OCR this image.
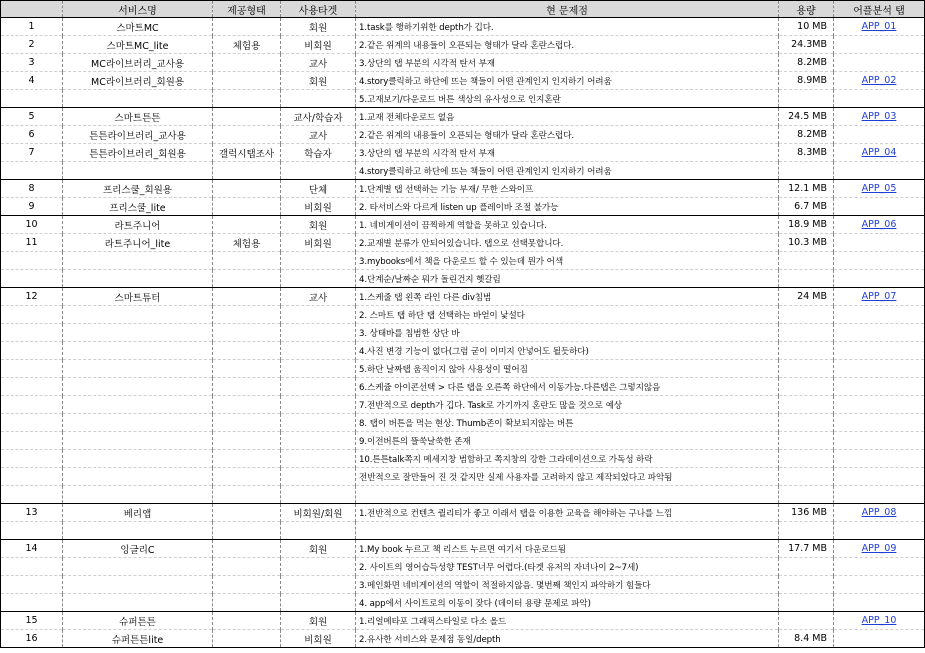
	서비스명	제공형태	사용타겟	현 문제점	용량	어플분석 탭
1	스마트MC		회원	1.task를 행하기위한 depth가 깁다.	10 MB	APP_01
2	스마트MC_lite	체험용	비회원	2.같은 위계의 내용들이 오픈되는 형태가 달라 혼란스럽다.	24.3MB	
3	MC라이브러리_교사용		교사	3.상단의 탭 부분의 시각적 탄서 부재	8.2MB	
4	MC라이브러리_회원용		회원	4.story클릭하고 하단에 뜨는 책들이 어떤 관계인지 인지하기 어려움	8.9MB	APP_02
				5.고재보기/다운로드 버튼 색상의 유사성으로 인지혼란		
5	스마트튼튼		교사/학습자	1.교재 전체다운로드 없음	24.5 MB	APP_03
6	튼튼라이브러리_교사용		교사	2.같은 위계의 내용들이 오픈되는 형태가 달라 혼란스럽다.	8.2MB	
7	튼튼라이브러리_회원용	갤럭시탭조사	학습자	3.상단의 탭 부분의 시각적 탄서 부재	8.3MB	APP_04
				4.story클릭하고 하단에 뜨는 책들이 어떤 관계인지 인지하기 어려움		
8	프리스쿨_회원용		단체	1.단계별 탭 선택하는 기능 부재/ 무한 스와이프	12.1 MB	APP_05
9	프리스쿨_lite		비회원	2. 타서비스와 다르게 listen up 플레이바 조절 불가능	6.7 MB	
10	라트주니어		회원	1. 네비게이션이 끔찍하게 역할을 못하고 있습니다.	18.9 MB	APP_06
11	라트주니어_lite	체험용	비회원	2.교재별 분류가 안되어있습니다. 탭으로 선택못합니다.	10.3 MB	
				3.mybooks에서 책을 다운로드 할 수 있는데 뭔가 어색		
				4.단계순/날짜순 뭐가 돌린건지 헷갈림		
12	스마트튜터		교사	1.스케줄 탭 왼쪽 라인 다른 div침범	24 MB	APP_07
				2. 스마트 탭 하단 탭 선택하는 바얻이 낯설다		
				3. 상태바를 침범한 상단 바		
				4.사진 변경 기능이 없다(그럼 굳이 이미지 안넣어도 될듯하다)		
				5.하단 날짜탭 움직이지 않아 사용성이 떨어짐		
				6.스케쥴 아이콘선택 > 다른 탭을 오른쪽 하단에서 이동가능.다른탭은 그렇지않음		
				7.전반적으로 depth가 깁다. Task로 가기까지 혼란도 많을 것으로 예상		
				8. 탭이 버튼을 먹는 현상. Thumb존이 확보되지않는 버튼		
				9.이전버튼의 뜰쑥날쑥한 존재		
				10.튼튼talk쪽지 메세지창 범함하고 쪽지창의 강한 그라데이션으로 가독성 하락		
				전반적으로 잘만들어 진 것 같지만 실제 사용자를 고려하지 않고 제작되었다고 파악됨		

13	베리앱		비회원/회원	1.전반적으로 컨텐츠 퀄리티가 좋고 이래서 탭을 이용한 교육을 해야하는 구나를 느낌	136 MB	APP_08

14	잉글리C		회원	1.My book 누르고 책 리스트 누르면 여기서 다운로드됨	17.7 MB	APP_09
				2. 사이트의 영어습득성향 TEST너무 어렵다.(타겟 유저의 자녀나이 2~7세)		
				3.메인화면 네비게이션의 역할이 적절하지않음. 몇번째 책인지 파악하기 힘들다		
				4. app에서 사이트로의 이동이 잦다 (데이터 용량 문제로 파악)		
15	슈퍼튼튼		회원	1.리얼메타포 그래픽스타일로 다소 올드		APP_10
16	슈퍼튼튼lite		비회원	2.유사한 서비스와 문제점 동일/depth	8.4 MB	
